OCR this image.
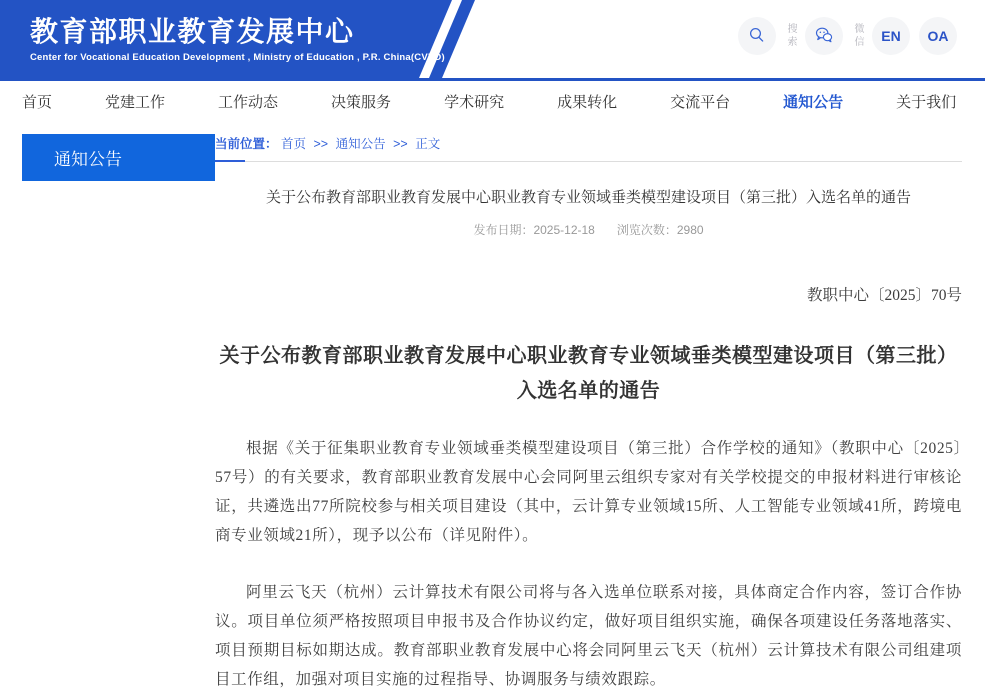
教育部职业教育发展中心
Center for Vocational Education Development , Ministry of Education , P.R. China(CVED)
搜索	微信	EN	OA
首页	党建工作	工作动态	决策服务	学术研究	成果转化	交流平台	通知公告	关于我们
通知公告
当前位置： 首页 >> 通知公告 >> 正文
关于公布教育部职业教育发展中心职业教育专业领域垂类模型建设项目（第三批）入选名单的通告
发布日期：2025-12-18 浏览次数：2980
教职中心〔2025〕70号
关于公布教育部职业教育发展中心职业教育专业领域垂类模型建设项目（第三批）入选名单的通告

根据《关于征集职业教育专业领域垂类模型建设项目（第三批）合作学校的通知》（教职中心〔2025〕57号）的有关要求，教育部职业教育发展中心会同阿里云组织专家对有关学校提交的申报材料进行审核论证，共遴选出77所院校参与相关项目建设（其中，云计算专业领域15所、人工智能专业领域41所，跨境电商专业领域21所），现予以公布（详见附件）。

阿里云飞天（杭州）云计算技术有限公司将与各入选单位联系对接，具体商定合作内容，签订合作协议。项目单位须严格按照项目申报书及合作协议约定，做好项目组织实施，确保各项建设任务落地落实、项目预期目标如期达成。教育部职业教育发展中心将会同阿里云飞天（杭州）云计算技术有限公司组建项目工作组，加强对项目实施的过程指导、协调服务与绩效跟踪。
